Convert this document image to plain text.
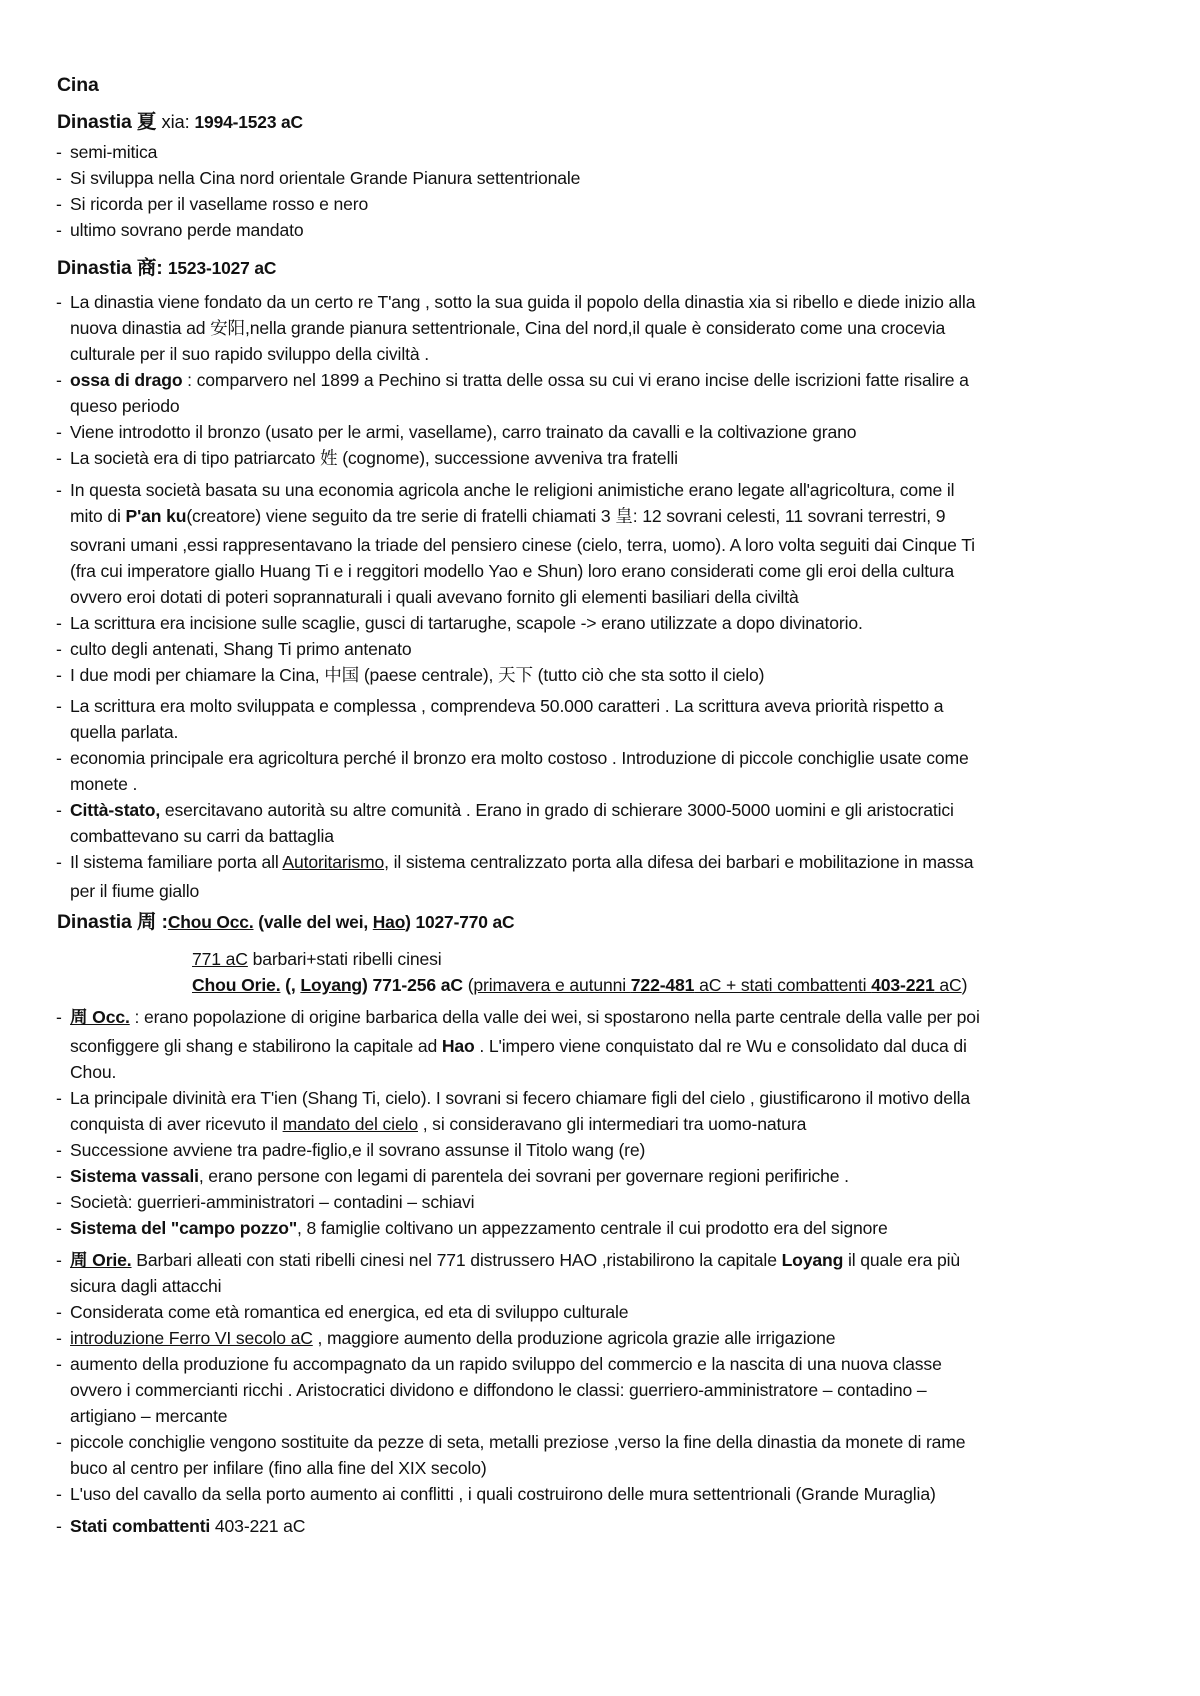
Cina
Dinastia 夏 xia: 1994-1523 aC
- semi-mitica
- Si sviluppa nella Cina nord orientale Grande Pianura settentrionale
- Si ricorda per il vasellame rosso e nero
- ultimo sovrano perde mandato
Dinastia 商: 1523-1027 aC
- La dinastia viene fondato da un certo re T'ang , sotto la sua guida il popolo della dinastia xia si ribello e diede inizio alla
nuova dinastia ad 安阳,nella grande pianura settentrionale, Cina del nord,il quale è considerato come una crocevia
culturale per il suo rapido sviluppo della civiltà .
- ossa di drago : comparvero nel 1899 a Pechino si tratta delle ossa su cui vi erano incise delle iscrizioni fatte risalire a
queso periodo
- Viene introdotto il bronzo (usato per le armi, vasellame), carro trainato da cavalli e la coltivazione grano
- La società era di tipo patriarcato 姓 (cognome), successione avveniva tra fratelli
- In questa società basata su una economia agricola anche le religioni animistiche erano legate all'agricoltura, come il
mito di P'an ku(creatore) viene seguito da tre serie di fratelli chiamati 3 皇: 12 sovrani celesti, 11 sovrani terrestri, 9
sovrani umani ,essi rappresentavano la triade del pensiero cinese (cielo, terra, uomo). A loro volta seguiti dai Cinque Ti
(fra cui imperatore giallo Huang Ti e i reggitori modello Yao e Shun) loro erano considerati come gli eroi della cultura
ovvero eroi dotati di poteri soprannaturali i quali avevano fornito gli elementi basiliari della civiltà
- La scrittura era incisione sulle scaglie, gusci di tartarughe, scapole -> erano utilizzate a dopo divinatorio.
- culto degli antenati, Shang Ti primo antenato
- I due modi per chiamare la Cina, 中国 (paese centrale), 天下 (tutto ciò che sta sotto il cielo)
- La scrittura era molto sviluppata e complessa , comprendeva 50.000 caratteri . La scrittura aveva priorità rispetto a
quella parlata.
- economia principale era agricoltura perché il bronzo era molto costoso . Introduzione di piccole conchiglie usate come
monete .
- Città-stato, esercitavano autorità su altre comunità . Erano in grado di schierare 3000-5000 uomini e gli aristocratici
combattevano su carri da battaglia
- Il sistema familiare porta all Autoritarismo, il sistema centralizzato porta alla difesa dei barbari e mobilitazione in massa
per il fiume giallo
Dinastia 周 :Chou Occ. (valle del wei, Hao) 1027-770 aC
771 aC barbari+stati ribelli cinesi
Chou Orie. (, Loyang) 771-256 aC (primavera e autunni 722-481 aC + stati combattenti 403-221 aC)
- 周 Occ. : erano popolazione di origine barbarica della valle dei wei, si spostarono nella parte centrale della valle per poi
sconfiggere gli shang e stabilirono la capitale ad Hao . L'impero viene conquistato dal re Wu e consolidato dal duca di
Chou.
- La principale divinità era T'ien (Shang Ti, cielo). I sovrani si fecero chiamare figli del cielo , giustificarono il motivo della
conquista di aver ricevuto il mandato del cielo , si consideravano gli intermediari tra uomo-natura
- Successione avviene tra padre-figlio,e il sovrano assunse il Titolo wang (re)
- Sistema vassali, erano persone con legami di parentela dei sovrani per governare regioni perifiriche .
- Società: guerrieri-amministratori – contadini – schiavi
- Sistema del "campo pozzo", 8 famiglie coltivano un appezzamento centrale il cui prodotto era del signore
- 周 Orie. Barbari alleati con stati ribelli cinesi nel 771 distrussero HAO ,ristabilirono la capitale Loyang il quale era più
sicura dagli attacchi
- Considerata come età romantica ed energica, ed eta di sviluppo culturale
- introduzione Ferro VI secolo aC , maggiore aumento della produzione agricola grazie alle irrigazione
- aumento della produzione fu accompagnato da un rapido sviluppo del commercio e la nascita di una nuova classe
ovvero i commercianti ricchi . Aristocratici dividono e diffondono le classi: guerriero-amministratore – contadino –
artigiano – mercante
- piccole conchiglie vengono sostituite da pezze di seta, metalli preziose ,verso la fine della dinastia da monete di rame
buco al centro per infilare (fino alla fine del XIX secolo)
- L'uso del cavallo da sella porto aumento ai conflitti , i quali costruirono delle mura settentrionali (Grande Muraglia)
- Stati combattenti 403-221 aC
